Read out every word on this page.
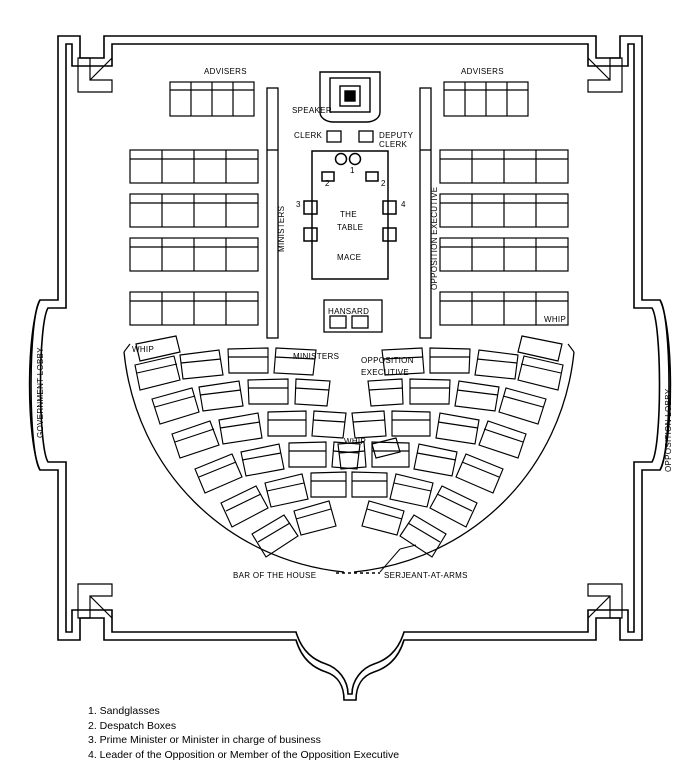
ADVISERS	ADVISERS
SPEAKER
CLERK	DEPUTY
CLERK
MINISTERS	OPPOSITION EXECUTIVE
THE
TABLE
MACE
HANSARD
1
2	2
3	4
WHIP
WHIP
WHIP
MINISTERS	OPPOSITION
EXECUTIVE
BAR OF THE HOUSE	SERJEANT-AT-ARMS
GOVERNMENT LOBBY	OPPOSITION LOBBY
1. Sandglasses
2. Despatch Boxes
3. Prime Minister or Minister in charge of business
4. Leader of the Opposition or Member of the Opposition Executive
